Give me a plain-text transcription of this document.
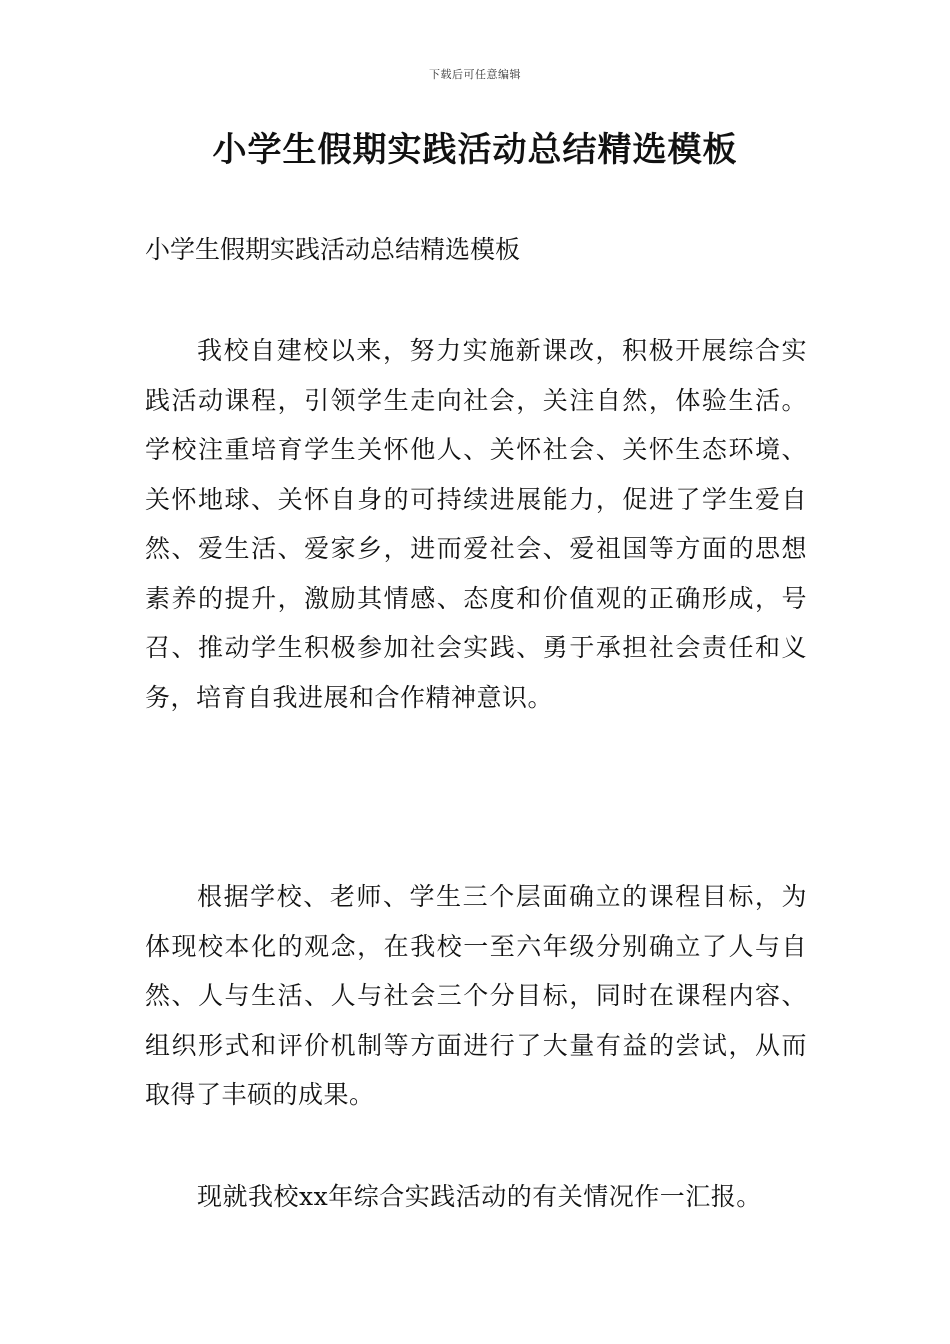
下载后可任意编辑
小学生假期实践活动总结精选模板

小学生假期实践活动总结精选模板

我校自建校以来，努力实施新课改，积极开展综合实践活动课程，引领学生走向社会，关注自然，体验生活。学校注重培育学生关怀他人、关怀社会、关怀生态环境、关怀地球、关怀自身的可持续进展能力，促进了学生爱自然、爱生活、爱家乡，进而爱社会、爱祖国等方面的思想素养的提升，激励其情感、态度和价值观的正确形成，号召、推动学生积极参加社会实践、勇于承担社会责任和义务，培育自我进展和合作精神意识。

根据学校、老师、学生三个层面确立的课程目标，为体现校本化的观念，在我校一至六年级分别确立了人与自然、人与生活、人与社会三个分目标，同时在课程内容、组织形式和评价机制等方面进行了大量有益的尝试，从而取得了丰硕的成果。

现就我校xx年综合实践活动的有关情况作一汇报。
